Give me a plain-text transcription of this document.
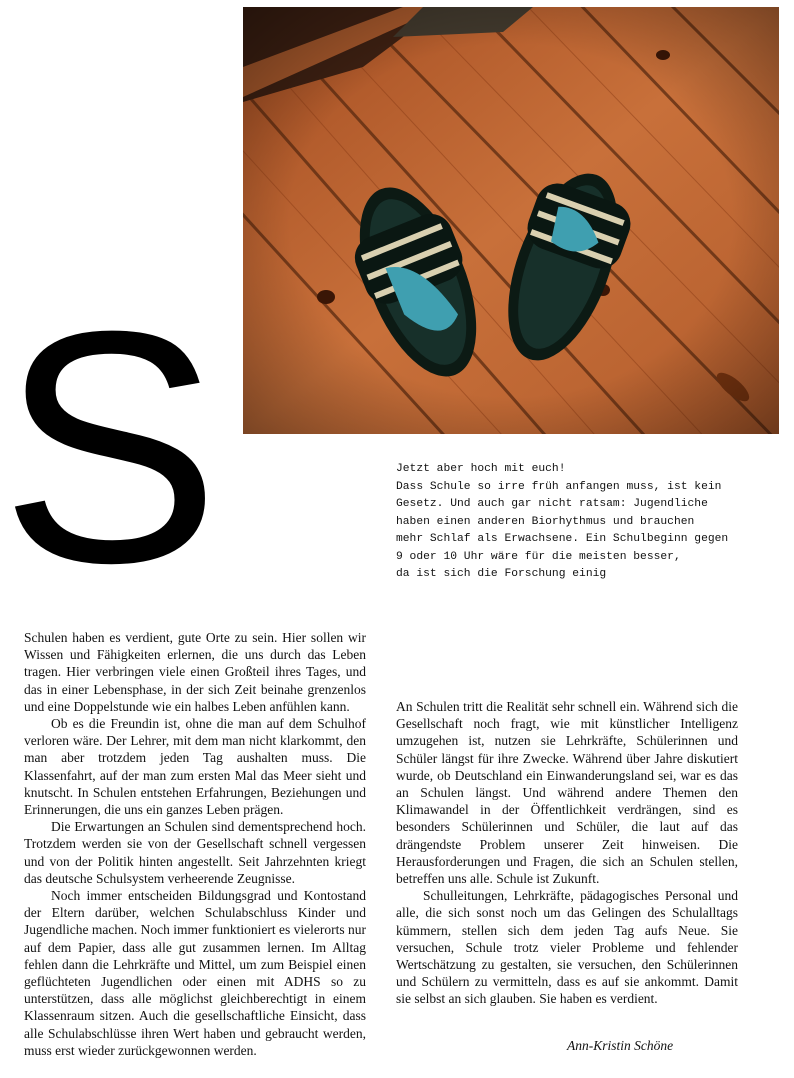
S	Jetzt aber hoch mit euch!

Dass Schule so irre früh anfangen muss, ist kein

Gesetz. Und auch gar nicht ratsam: Jugendliche

haben einen anderen Biorhythmus und brauchen

mehr Schlaf als Erwachsene. Ein Schulbeginn gegen

9 oder 10 Uhr wäre für die meisten besser,

da ist sich die Forschung einig

Schulen haben es verdient, gute Orte zu sein. Hier sollen wir Wissen und Fähigkeiten erlernen, die uns durch das Leben tragen. Hier verbringen viele einen Großteil ihres Tages, und das in einer Lebensphase, in der sich Zeit beinahe grenzenlos und eine Doppelstunde wie ein halbes Leben anfühlen kann.

Ob es die Freundin ist, ohne die man auf dem Schulhof verloren wäre. Der Lehrer, mit dem man nicht klarkommt, den man aber trotzdem jeden Tag aushalten muss. Die Klassenfahrt, auf der man zum ersten Mal das Meer sieht und knutscht. In Schulen entstehen Erfahrungen, Beziehungen und Erinnerungen, die uns ein ganzes Leben prägen.

Die Erwartungen an Schulen sind dementsprechend hoch. Trotzdem werden sie von der Gesellschaft schnell vergessen und von der Politik hinten angestellt. Seit Jahrzehnten kriegt das deutsche Schulsystem verheerende Zeugnisse.

Noch immer entscheiden Bildungsgrad und Kontostand der Eltern darüber, welchen Schulabschluss Kinder und Jugendliche machen. Noch immer funktioniert es vielerorts nur auf dem Papier, dass alle gut zusammen lernen. Im Alltag fehlen dann die Lehrkräfte und Mittel, um zum Beispiel einen geflüchteten Jugendlichen oder einen mit ADHS so zu unterstützen, dass alle möglichst gleichberechtigt in einem Klassenraum sitzen. Auch die gesellschaftliche Einsicht, dass alle Schulabschlüsse ihren Wert haben und gebraucht werden, muss erst wieder zurückgewonnen werden.

An Schulen tritt die Realität sehr schnell ein. Während sich die Gesellschaft noch fragt, wie mit künstlicher Intelligenz umzugehen ist, nutzen sie Lehrkräfte, Schülerinnen und Schüler längst für ihre Zwecke. Während über Jahre diskutiert wurde, ob Deutschland ein Einwanderungsland sei, war es das an Schulen längst. Und während andere Themen den Klimawandel in der Öffentlichkeit verdrängen, sind es besonders Schülerinnen und Schüler, die laut auf das drängendste Problem unserer Zeit hinweisen. Die Herausforderungen und Fragen, die sich an Schulen stellen, betreffen uns alle. Schule ist Zukunft.

Schulleitungen, Lehrkräfte, pädagogisches Personal und alle, die sich sonst noch um das Gelingen des Schulalltags kümmern, stellen sich dem jeden Tag aufs Neue. Sie versuchen, Schule trotz vieler Probleme und fehlender Wertschätzung zu gestalten, sie versuchen, den Schülerinnen und Schülern zu vermitteln, dass es auf sie ankommt. Damit sie selbst an sich glauben. Sie haben es verdient.

Ann-Kristin Schöne
